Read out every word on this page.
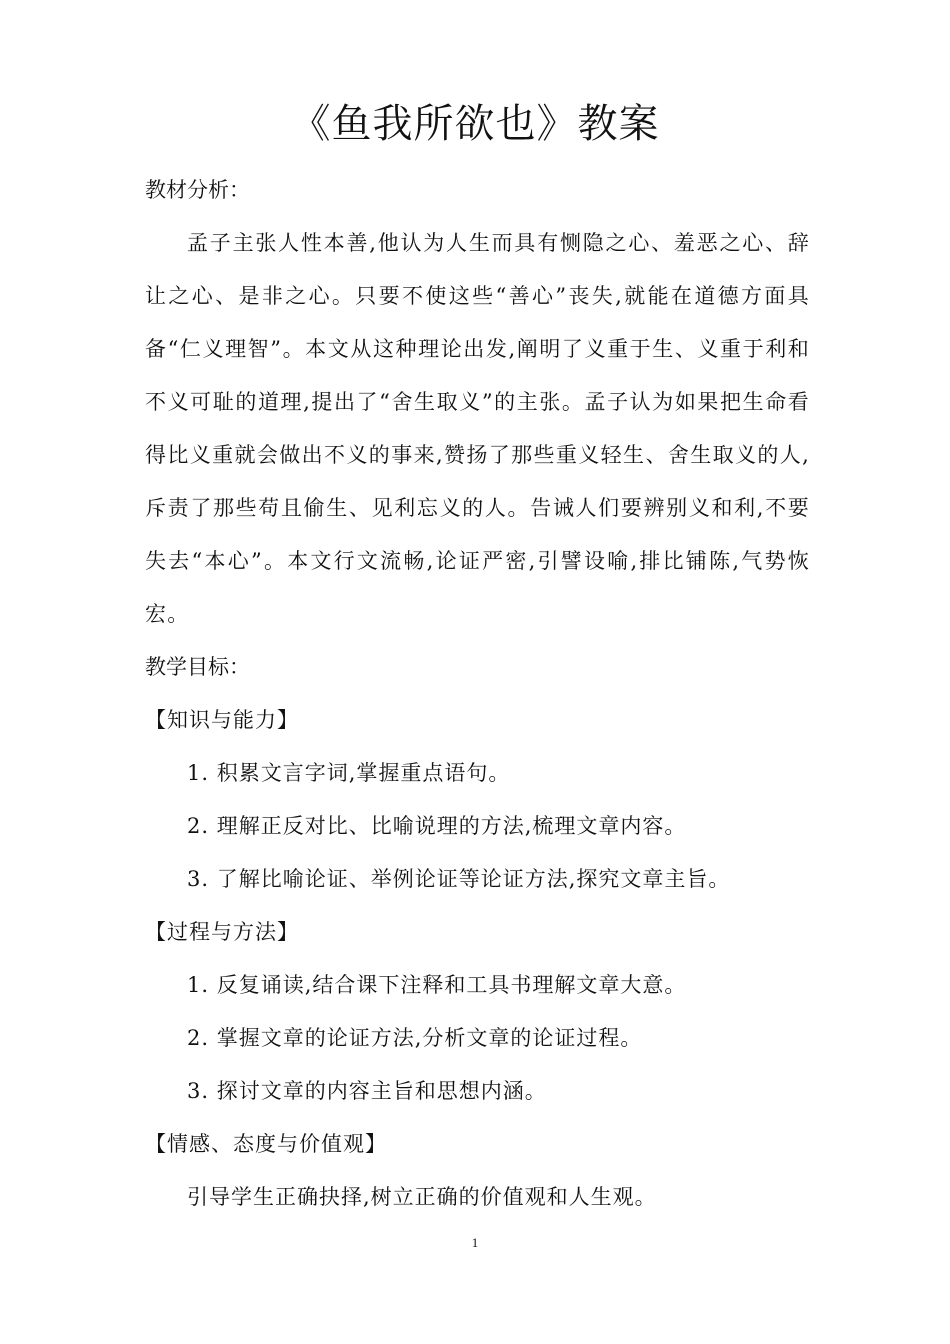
《鱼我所欲也》教案

教材分析：

孟子主张人性本善,他认为人生而具有恻隐之心、羞恶之心、辞让之心、是非之心。只要不使这些“善心”丧失,就能在道德方面具备“仁义理智”。本文从这种理论出发,阐明了义重于生、义重于利和不义可耻的道理,提出了“舍生取义”的主张。孟子认为如果把生命看得比义重就会做出不义的事来,赞扬了那些重义轻生、舍生取义的人,斥责了那些苟且偷生、见利忘义的人。告诫人们要辨别义和利,不要失去“本心”。本文行文流畅,论证严密,引譬设喻,排比铺陈,气势恢宏。

教学目标：

【知识与能力】

1. 积累文言字词,掌握重点语句。

2. 理解正反对比、比喻说理的方法,梳理文章内容。

3. 了解比喻论证、举例论证等论证方法,探究文章主旨。

【过程与方法】

1. 反复诵读,结合课下注释和工具书理解文章大意。

2. 掌握文章的论证方法,分析文章的论证过程。

3. 探讨文章的内容主旨和思想内涵。

【情感、态度与价值观】

引导学生正确抉择,树立正确的价值观和人生观。

1
